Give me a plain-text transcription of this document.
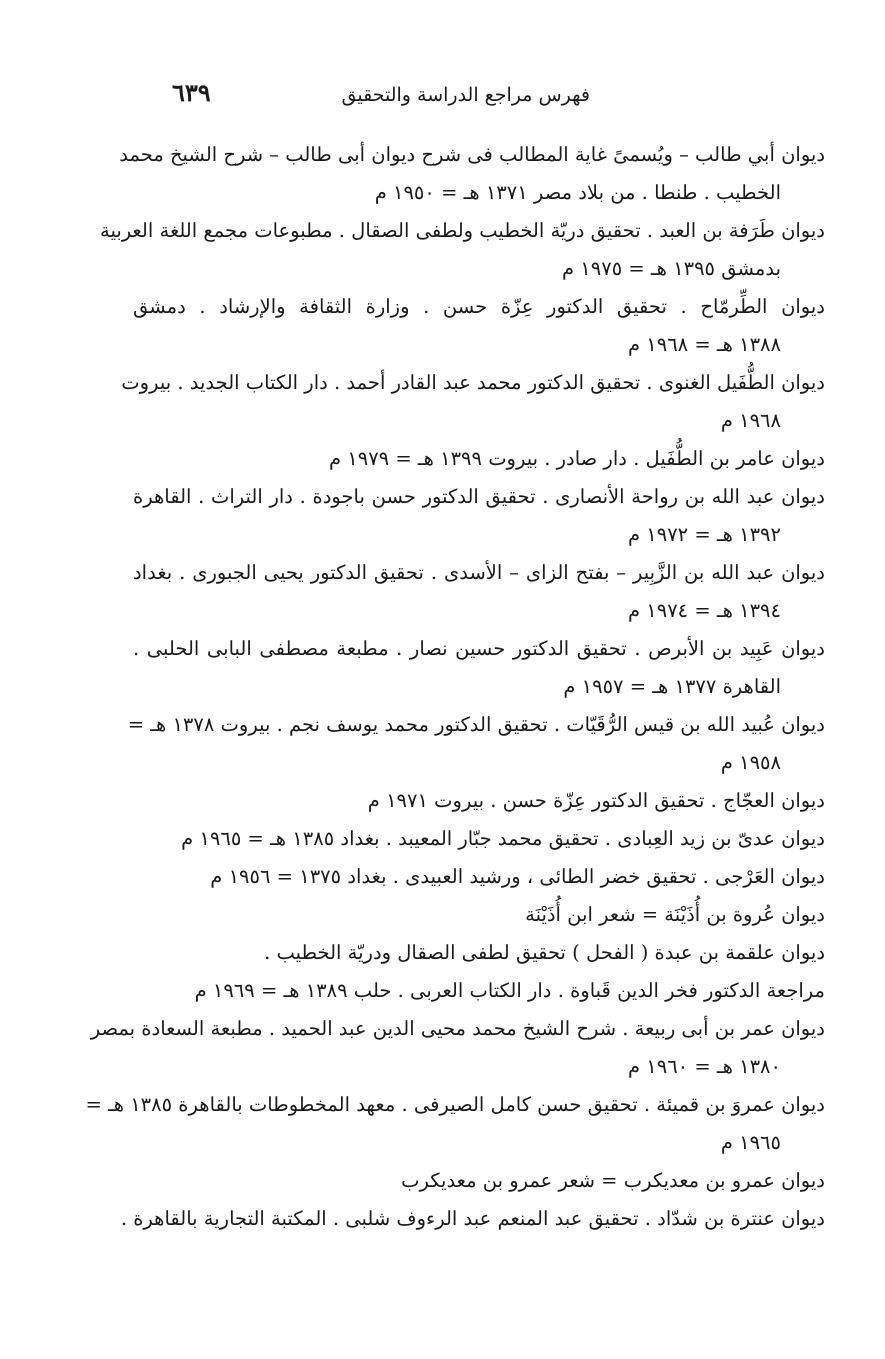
فهرس مراجع الدراسة والتحقيق
٦٣٩

ديوان أبي طالب – ويُسمىً غاية المطالب فى شرح ديوان أبى طالب – شرح الشيخ محمد
الخطيب . طنطا . من بلاد مصر ١٣٧١ هـ = ١٩٥٠ م

ديوان طَرَفة بن العبد . تحقيق دريّة الخطيب ولطفى الصقال . مطبوعات مجمع اللغة العربية
بدمشق ١٣٩٥ هـ = ١٩٧٥ م

ديوان الطِّرمّاح . تحقيق الدكتور عِزّة حسن . وزارة الثقافة والإرشاد . دمشق
١٣٨٨ هـ = ١٩٦٨ م

ديوان الطُّفَيل الغنوى . تحقيق الدكتور محمد عبد القادر أحمد . دار الكتاب الجديد . بيروت
١٩٦٨ م

ديوان عامر بن الطُّفَيل . دار صادر . بيروت ١٣٩٩ هـ = ١٩٧٩ م

ديوان عبد الله بن رواحة الأنصارى . تحقيق الدكتور حسن باجودة . دار التراث . القاهرة
١٣٩٢ هـ = ١٩٧٢ م

ديوان عبد الله بن الزَّبِير – بفتح الزاى – الأسدى . تحقيق الدكتور يحيى الجبورى . بغداد
١٣٩٤ هـ = ١٩٧٤ م

ديوان عَبِيد بن الأبرص . تحقيق الدكتور حسين نصار . مطبعة مصطفى البابى الحلبى .
القاهرة ١٣٧٧ هـ = ١٩٥٧ م

ديوان عُبيد الله بن قيس الرُّقَيّات . تحقيق الدكتور محمد يوسف نجم . بيروت ١٣٧٨ هـ =
١٩٥٨ م

ديوان العجّاج . تحقيق الدكتور عِزّة حسن . بيروت ١٩٧١ م

ديوان عدىّ بن زيد العِبادى . تحقيق محمد جبّار المعيبد . بغداد ١٣٨٥ هـ = ١٩٦٥ م

ديوان العَرْجى . تحقيق خضر الطائى ، ورشيد العبيدى . بغداد ١٣٧٥ = ١٩٥٦ م

ديوان عُروة بن أُذَيْنَة = شعر ابن أُذَيْنَة

ديوان علقمة بن عبدة ( الفحل ) تحقيق لطفى الصقال ودريّة الخطيب .

مراجعة الدكتور فخر الدين قَباوة . دار الكتاب العربى . حلب ١٣٨٩ هـ = ١٩٦٩ م

ديوان عمر بن أبى ربيعة . شرح الشيخ محمد محيى الدين عبد الحميد . مطبعة السعادة بمصر
١٣٨٠ هـ = ١٩٦٠ م

ديوان عمروَ بن قميئة . تحقيق حسن كامل الصيرفى . معهد المخطوطات بالقاهرة ١٣٨٥ هـ =
١٩٦٥ م

ديوان عمرو بن معديكرب = شعر عمرو بن معديكرب

ديوان عنترة بن شدّاد . تحقيق عبد المنعم عبد الرءوف شلبى . المكتبة التجارية بالقاهرة .
